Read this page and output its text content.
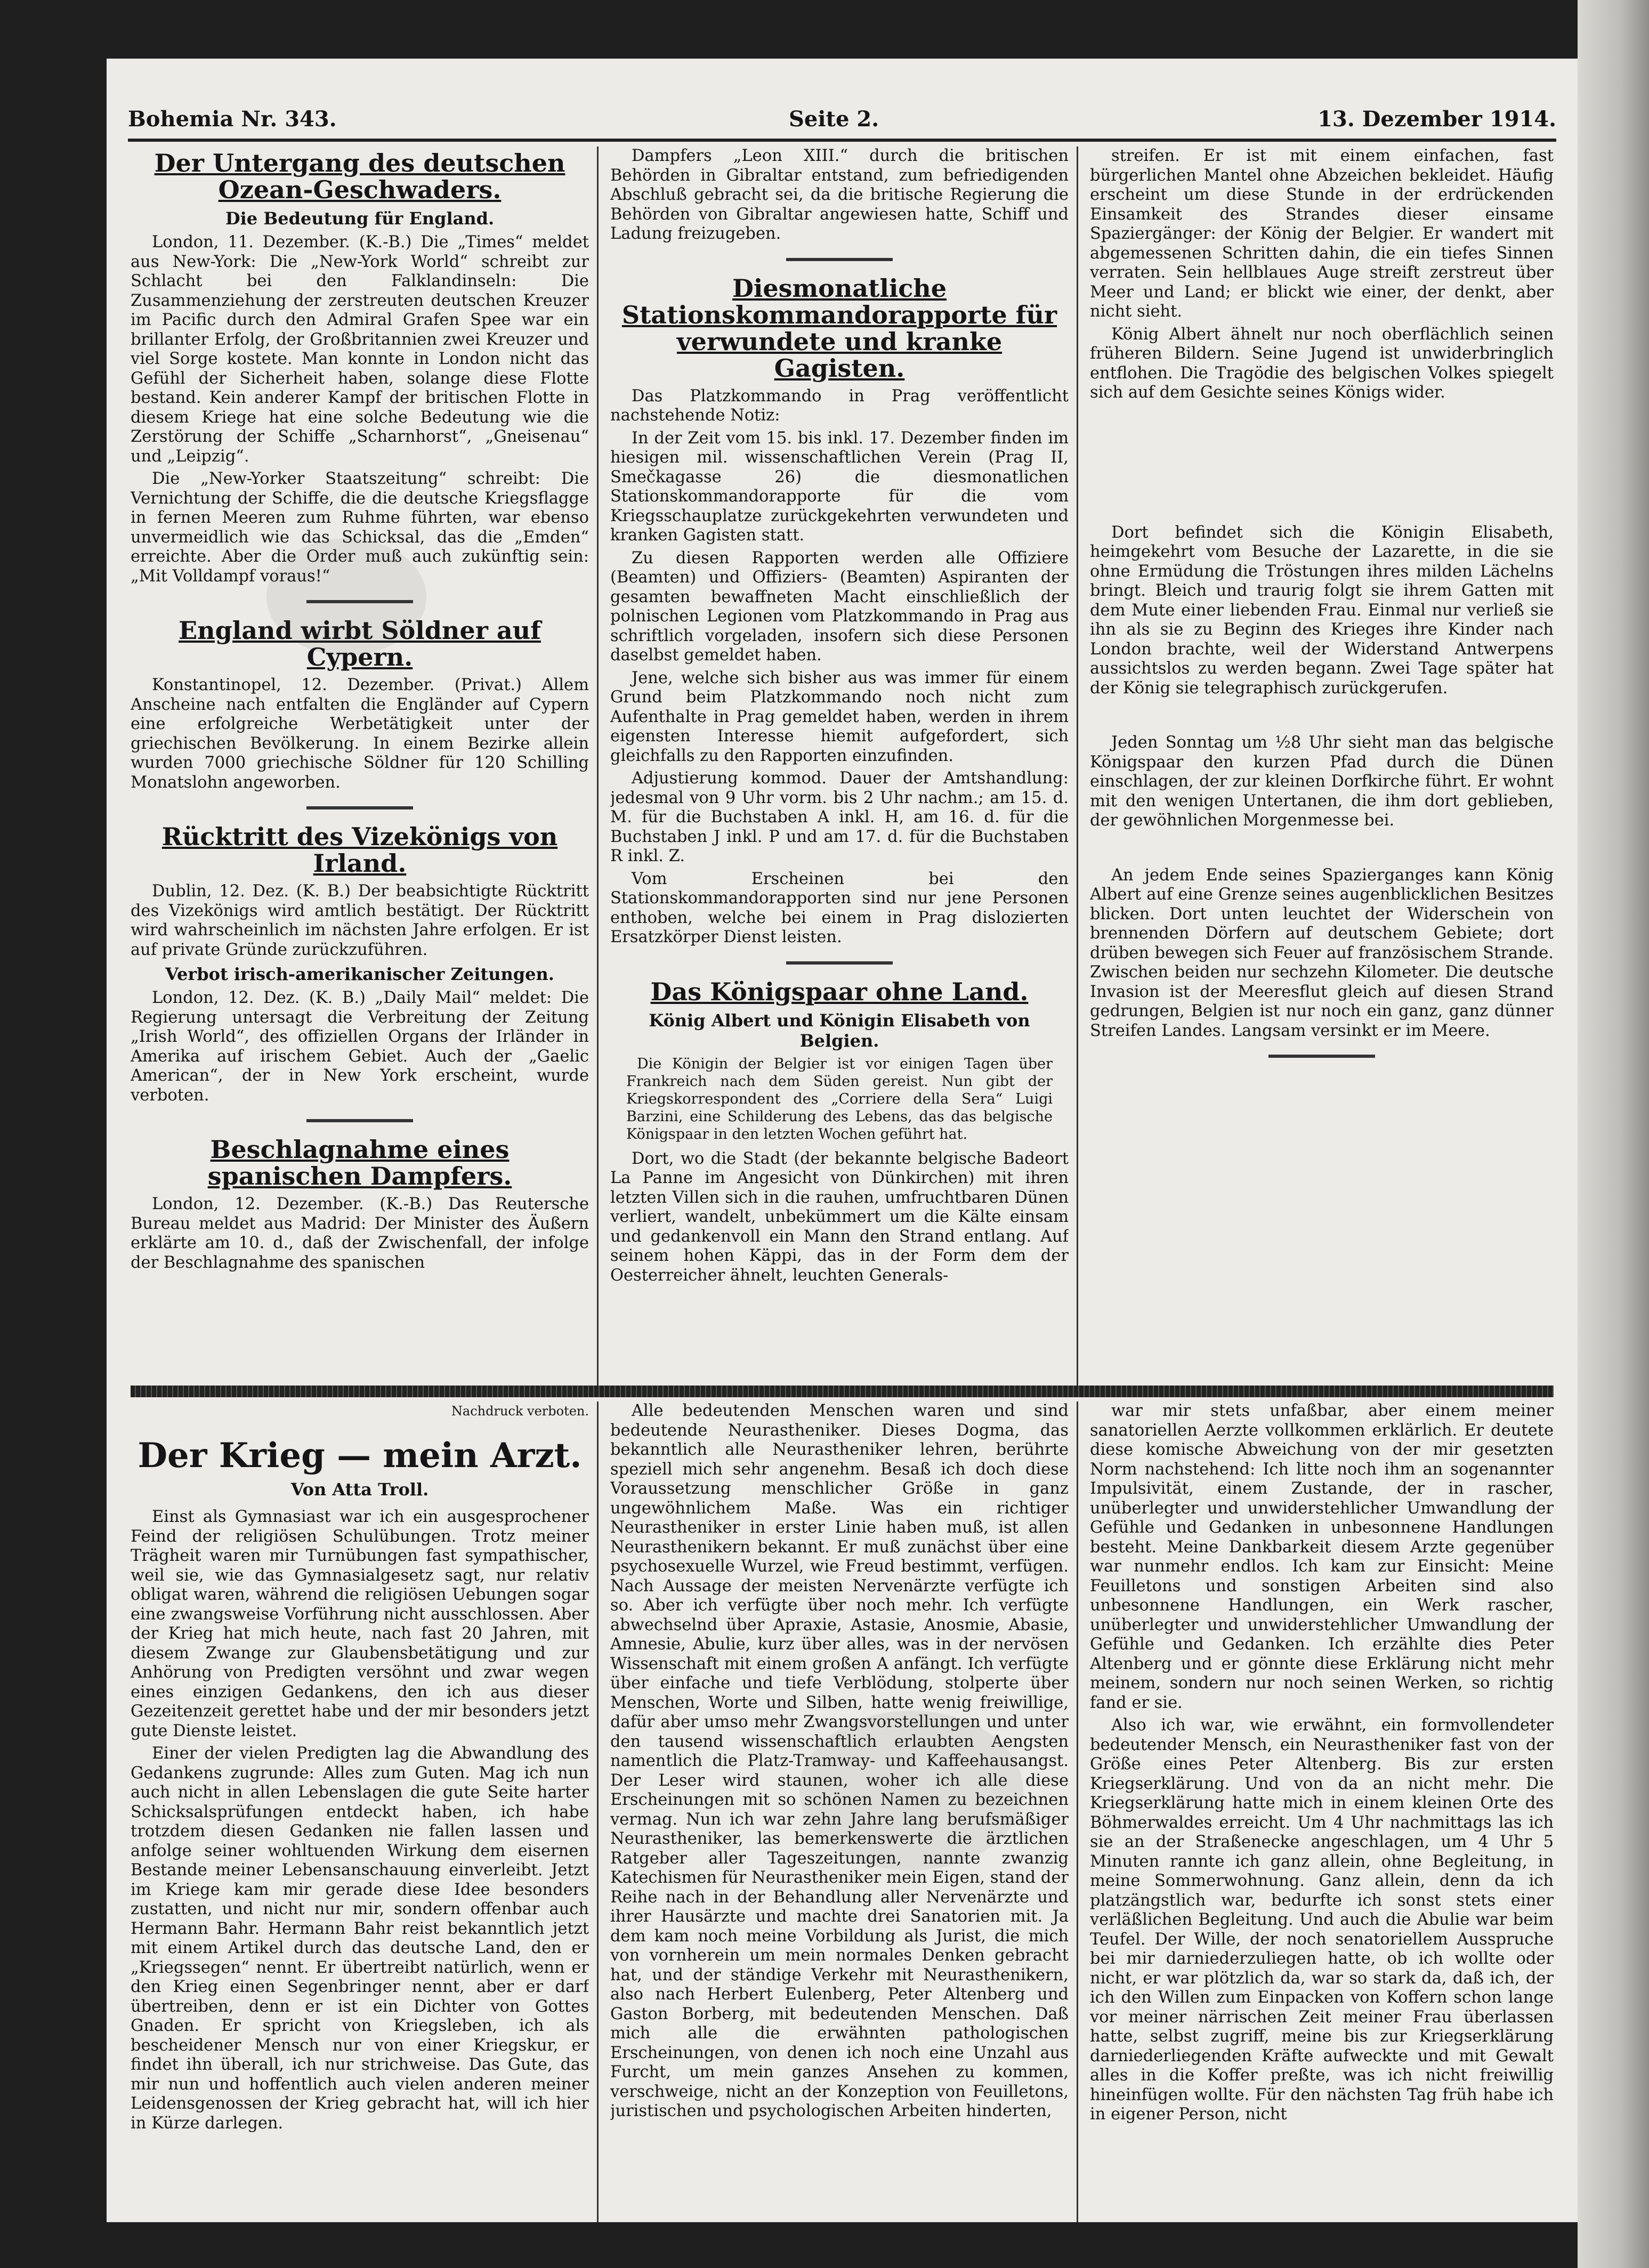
Bohemia Nr. 343.	Seite 2.	13. Dezember 1914.
Der Untergang des deutschen Ozean-Geschwaders.
Die Bedeutung für England.

London, 11. Dezember. (K.-B.) Die „Times“ meldet aus New-York: Die „New-York World“ schreibt zur Schlacht bei den Falklandinseln: Die Zusammenziehung der zerstreuten deutschen Kreuzer im Pacific durch den Admiral Grafen Spee war ein brillanter Erfolg, der Großbritannien zwei Kreuzer und viel Sorge kostete. Man konnte in London nicht das Gefühl der Sicherheit haben, solange diese Flotte bestand. Kein anderer Kampf der britischen Flotte in diesem Kriege hat eine solche Bedeutung wie die Zerstörung der Schiffe „Scharnhorst“, „Gneisenau“ und „Leipzig“.

Die „New-Yorker Staatszeitung“ schreibt: Die Vernichtung der Schiffe, die die deutsche Kriegsflagge in fernen Meeren zum Ruhme führten, war ebenso unvermeidlich wie das Schicksal, das die „Emden“ erreichte. Aber die Order muß auch zukünftig sein: „Mit Volldampf voraus!“

England wirbt Söldner auf Cypern.

Konstantinopel, 12. Dezember. (Privat.) Allem Anscheine nach entfalten die Engländer auf Cypern eine erfolgreiche Werbetätigkeit unter der griechischen Bevölkerung. In einem Bezirke allein wurden 7000 griechische Söldner für 120 Schilling Monatslohn angeworben.

Rücktritt des Vizekönigs von Irland.

Dublin, 12. Dez. (K. B.) Der beabsichtigte Rücktritt des Vizekönigs wird amtlich bestätigt. Der Rücktritt wird wahrscheinlich im nächsten Jahre erfolgen. Er ist auf private Gründe zurückzuführen.

Verbot irisch-amerikanischer Zeitungen.

London, 12. Dez. (K. B.) „Daily Mail“ meldet: Die Regierung untersagt die Verbreitung der Zeitung „Irish World“, des offiziellen Organs der Irländer in Amerika auf irischem Gebiet. Auch der „Gaelic American“, der in New York erscheint, wurde verboten.

Beschlagnahme eines spanischen Dampfers.

London, 12. Dezember. (K.-B.) Das Reutersche Bureau meldet aus Madrid: Der Minister des Äußern erklärte am 10. d., daß der Zwischenfall, der infolge der Beschlagnahme des spanischen

Dampfers „Leon XIII.“ durch die britischen Behörden in Gibraltar entstand, zum befriedigenden Abschluß gebracht sei, da die britische Regierung die Behörden von Gibraltar angewiesen hatte, Schiff und Ladung freizugeben.

Diesmonatliche Stationskommandorapporte für verwundete und kranke Gagisten.

Das Platzkommando in Prag veröffentlicht nachstehende Notiz:

In der Zeit vom 15. bis inkl. 17. Dezember finden im hiesigen mil. wissenschaftlichen Verein (Prag II, Smečkagasse 26) die diesmonatlichen Stationskommandorapporte für die vom Kriegsschauplatze zurückgekehrten verwundeten und kranken Gagisten statt.

Zu diesen Rapporten werden alle Offiziere (Beamten) und Offiziers- (Beamten) Aspiranten der gesamten bewaffneten Macht einschließlich der polnischen Legionen vom Platzkommando in Prag aus schriftlich vorgeladen, insofern sich diese Personen daselbst gemeldet haben.

Jene, welche sich bisher aus was immer für einem Grund beim Platzkommando noch nicht zum Aufenthalte in Prag gemeldet haben, werden in ihrem eigensten Interesse hiemit aufgefordert, sich gleichfalls zu den Rapporten einzufinden.

Adjustierung kommod. Dauer der Amtshandlung: jedesmal von 9 Uhr vorm. bis 2 Uhr nachm.; am 15. d. M. für die Buchstaben A inkl. H, am 16. d. für die Buchstaben J inkl. P und am 17. d. für die Buchstaben R inkl. Z.

Vom Erscheinen bei den Stationskommandorapporten sind nur jene Personen enthoben, welche bei einem in Prag dislozierten Ersatzkörper Dienst leisten.

Das Königspaar ohne Land.
König Albert und Königin Elisabeth von Belgien.

Die Königin der Belgier ist vor einigen Tagen über Frankreich nach dem Süden gereist. Nun gibt der Kriegskorrespondent des „Corriere della Sera“ Luigi Barzini, eine Schilderung des Lebens, das das belgische Königspaar in den letzten Wochen geführt hat.

Dort, wo die Stadt (der bekannte belgische Badeort La Panne im Angesicht von Dünkirchen) mit ihren letzten Villen sich in die rauhen, umfruchtbaren Dünen verliert, wandelt, unbekümmert um die Kälte einsam und gedankenvoll ein Mann den Strand entlang. Auf seinem hohen Käppi, das in der Form dem der Oesterreicher ähnelt, leuchten Generals-

streifen. Er ist mit einem einfachen, fast bürgerlichen Mantel ohne Abzeichen bekleidet. Häufig erscheint um diese Stunde in der erdrückenden Einsamkeit des Strandes dieser einsame Spaziergänger: der König der Belgier. Er wandert mit abgemessenen Schritten dahin, die ein tiefes Sinnen verraten. Sein hellblaues Auge streift zerstreut über Meer und Land; er blickt wie einer, der denkt, aber nicht sieht.

König Albert ähnelt nur noch oberflächlich seinen früheren Bildern. Seine Jugend ist unwiderbringlich entflohen. Die Tragödie des belgischen Volkes spiegelt sich auf dem Gesichte seines Königs wider.

Dort befindet sich die Königin Elisabeth, heimgekehrt vom Besuche der Lazarette, in die sie ohne Ermüdung die Tröstungen ihres milden Lächelns bringt. Bleich und traurig folgt sie ihrem Gatten mit dem Mute einer liebenden Frau. Einmal nur verließ sie ihn als sie zu Beginn des Krieges ihre Kinder nach London brachte, weil der Widerstand Antwerpens aussichtslos zu werden begann. Zwei Tage später hat der König sie telegraphisch zurückgerufen.

Jeden Sonntag um ½8 Uhr sieht man das belgische Königspaar den kurzen Pfad durch die Dünen einschlagen, der zur kleinen Dorfkirche führt. Er wohnt mit den wenigen Untertanen, die ihm dort geblieben, der gewöhnlichen Morgenmesse bei.

An jedem Ende seines Spazierganges kann König Albert auf eine Grenze seines augenblicklichen Besitzes blicken. Dort unten leuchtet der Widerschein von brennenden Dörfern auf deutschem Gebiete; dort drüben bewegen sich Feuer auf französischem Strande. Zwischen beiden nur sechzehn Kilometer. Die deutsche Invasion ist der Meeresflut gleich auf diesen Strand gedrungen, Belgien ist nur noch ein ganz, ganz dünner Streifen Landes. Langsam versinkt er im Meere.

Nachdruck verboten.
Der Krieg — mein Arzt.
Von Atta Troll.

Einst als Gymnasiast war ich ein ausgesprochener Feind der religiösen Schulübungen. Trotz meiner Trägheit waren mir Turnübungen fast sympathischer, weil sie, wie das Gymnasialgesetz sagt, nur relativ obligat waren, während die religiösen Uebungen sogar eine zwangsweise Vorführung nicht ausschlossen. Aber der Krieg hat mich heute, nach fast 20 Jahren, mit diesem Zwange zur Glaubensbetätigung und zur Anhörung von Predigten versöhnt und zwar wegen eines einzigen Gedankens, den ich aus dieser Gezeitenzeit gerettet habe und der mir besonders jetzt gute Dienste leistet.

Einer der vielen Predigten lag die Abwandlung des Gedankens zugrunde: Alles zum Guten. Mag ich nun auch nicht in allen Lebenslagen die gute Seite harter Schicksalsprüfungen entdeckt haben, ich habe trotzdem diesen Gedanken nie fallen lassen und anfolge seiner wohltuenden Wirkung dem eisernen Bestande meiner Lebensanschauung einverleibt. Jetzt im Kriege kam mir gerade diese Idee besonders zustatten, und nicht nur mir, sondern offenbar auch Hermann Bahr. Hermann Bahr reist bekanntlich jetzt mit einem Artikel durch das deutsche Land, den er „Kriegssegen“ nennt. Er übertreibt natürlich, wenn er den Krieg einen Segenbringer nennt, aber er darf übertreiben, denn er ist ein Dichter von Gottes Gnaden. Er spricht von Kriegsleben, ich als bescheidener Mensch nur von einer Kriegskur, er findet ihn überall, ich nur strichweise. Das Gute, das mir nun und hoffentlich auch vielen anderen meiner Leidensgenossen der Krieg gebracht hat, will ich hier in Kürze darlegen.

Alle bedeutenden Menschen waren und sind bedeutende Neurastheniker. Dieses Dogma, das bekanntlich alle Neurastheniker lehren, berührte speziell mich sehr angenehm. Besaß ich doch diese Voraussetzung menschlicher Größe in ganz ungewöhnlichem Maße. Was ein richtiger Neurastheniker in erster Linie haben muß, ist allen Neurasthenikern bekannt. Er muß zunächst über eine psychosexuelle Wurzel, wie Freud bestimmt, verfügen. Nach Aussage der meisten Nervenärzte verfügte ich so. Aber ich verfügte über noch mehr. Ich verfügte abwechselnd über Apraxie, Astasie, Anosmie, Abasie, Amnesie, Abulie, kurz über alles, was in der nervösen Wissenschaft mit einem großen A anfängt. Ich verfügte über einfache und tiefe Verblödung, stolperte über Menschen, Worte und Silben, hatte wenig freiwillige, dafür aber umso mehr Zwangsvorstellungen und unter den tausend wissenschaftlich erlaubten Aengsten namentlich die Platz-Tramway- und Kaffeehausangst. Der Leser wird staunen, woher ich alle diese Erscheinungen mit so schönen Namen zu bezeichnen vermag. Nun ich war zehn Jahre lang berufsmäßiger Neurastheniker, las bemerkenswerte die ärztlichen Ratgeber aller Tageszeitungen, nannte zwanzig Katechismen für Neurastheniker mein Eigen, stand der Reihe nach in der Behandlung aller Nervenärzte und ihrer Hausärzte und machte drei Sanatorien mit. Ja dem kam noch meine Vorbildung als Jurist, die mich von vornherein um mein normales Denken gebracht hat, und der ständige Verkehr mit Neurasthenikern, also nach Herbert Eulenberg, Peter Altenberg und Gaston Borberg, mit bedeutenden Menschen. Daß mich alle die erwähnten pathologischen Erscheinungen, von denen ich noch eine Unzahl aus Furcht, um mein ganzes Ansehen zu kommen, verschweige, nicht an der Konzeption von Feuilletons, juristischen und psychologischen Arbeiten hinderten,

war mir stets unfaßbar, aber einem meiner sanatoriellen Aerzte vollkommen erklärlich. Er deutete diese komische Abweichung von der mir gesetzten Norm nachstehend: Ich litte noch ihm an sogenannter Impulsivität, einem Zustande, der in rascher, unüberlegter und unwiderstehlicher Umwandlung der Gefühle und Gedanken in unbesonnene Handlungen besteht. Meine Dankbarkeit diesem Arzte gegenüber war nunmehr endlos. Ich kam zur Einsicht: Meine Feuilletons und sonstigen Arbeiten sind also unbesonnene Handlungen, ein Werk rascher, unüberlegter und unwiderstehlicher Umwandlung der Gefühle und Gedanken. Ich erzählte dies Peter Altenberg und er gönnte diese Erklärung nicht mehr meinem, sondern nur noch seinen Werken, so richtig fand er sie.

Also ich war, wie erwähnt, ein formvollendeter bedeutender Mensch, ein Neurastheniker fast von der Größe eines Peter Altenberg. Bis zur ersten Kriegserklärung. Und von da an nicht mehr. Die Kriegserklärung hatte mich in einem kleinen Orte des Böhmerwaldes erreicht. Um 4 Uhr nachmittags las ich sie an der Straßenecke angeschlagen, um 4 Uhr 5 Minuten rannte ich ganz allein, ohne Begleitung, in meine Sommerwohnung. Ganz allein, denn da ich platzängstlich war, bedurfte ich sonst stets einer verläßlichen Begleitung. Und auch die Abulie war beim Teufel. Der Wille, der noch senatoriellem Ausspruche bei mir darniederzuliegen hatte, ob ich wollte oder nicht, er war plötzlich da, war so stark da, daß ich, der ich den Willen zum Einpacken von Koffern schon lange vor meiner närrischen Zeit meiner Frau überlassen hatte, selbst zugriff, meine bis zur Kriegserklärung darniederliegenden Kräfte aufweckte und mit Gewalt alles in die Koffer preßte, was ich nicht freiwillig hineinfügen wollte. Für den nächsten Tag früh habe ich in eigener Person, nicht
